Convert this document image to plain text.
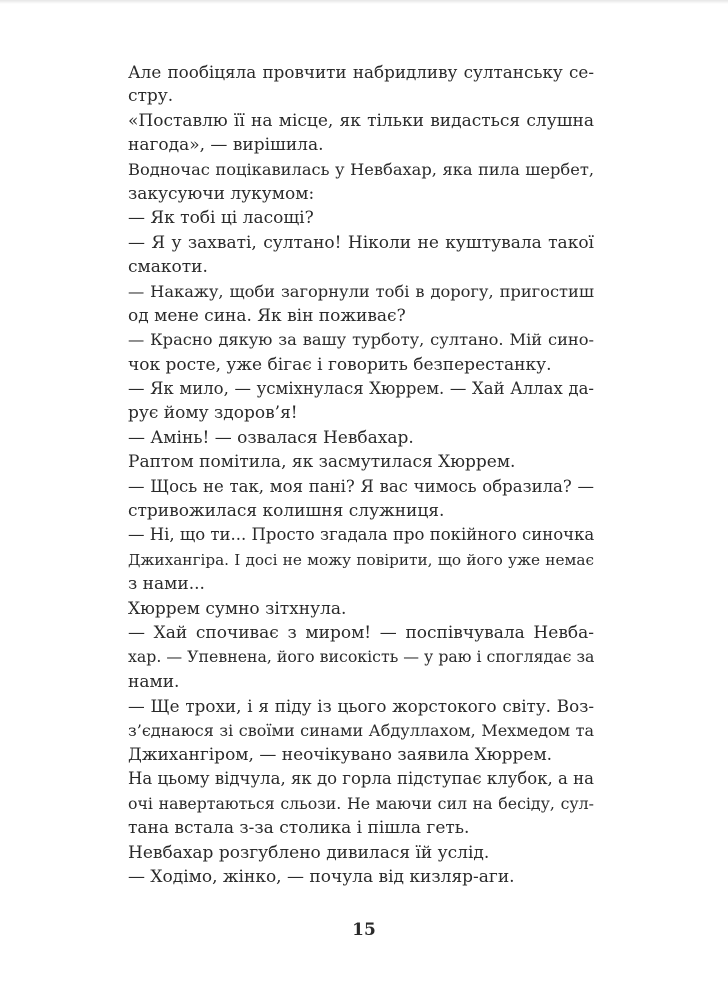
Але пообіцяла провчити набридливу султанську се-
стру.
«Поставлю її на місце, як тільки видасться слушна
нагода», — вирішила.
Водночас поцікавилась у Невбахар, яка пила шербет,
закусуючи лукумом:
— Як тобі ці ласощі?
— Я у захваті, султано! Ніколи не куштувала такої
смакоти.
— Накажу, щоби загорнули тобі в дорогу, пригостиш
од мене сина. Як він поживає?
— Красно дякую за вашу турботу, султано. Мій сино-
чок росте, уже бігає і говорить безперестанку.
— Як мило, — усміхнулася Хюррем. — Хай Аллах да-
рує йому здоров’я!
— Амінь! — озвалася Невбахар.
Раптом помітила, як засмутилася Хюррем.
— Щось не так, моя пані? Я вас чимось образила? —
стривожилася колишня служниця.
— Ні, що ти... Просто згадала про покійного синочка
Джихангіра. І досі не можу повірити, що його уже немає
з нами...
Хюррем сумно зітхнула.
— Хай спочиває з миром! — поспівчувала Невба-
хар. — Упевнена, його високість — у раю і споглядає за
нами.
— Ще трохи, і я піду із цього жорстокого світу. Воз-
з’єднаюся зі своїми синами Абдуллахом, Мехмедом та
Джихангіром, — неочікувано заявила Хюррем.
На цьому відчула, як до горла підступає клубок, а на
очі навертаються сльози. Не маючи сил на бесіду, сул-
тана встала з-за столика і пішла геть.
Невбахар розгублено дивилася їй услід.
— Ходімо, жінко, — почула від кизляр-аги.
15
